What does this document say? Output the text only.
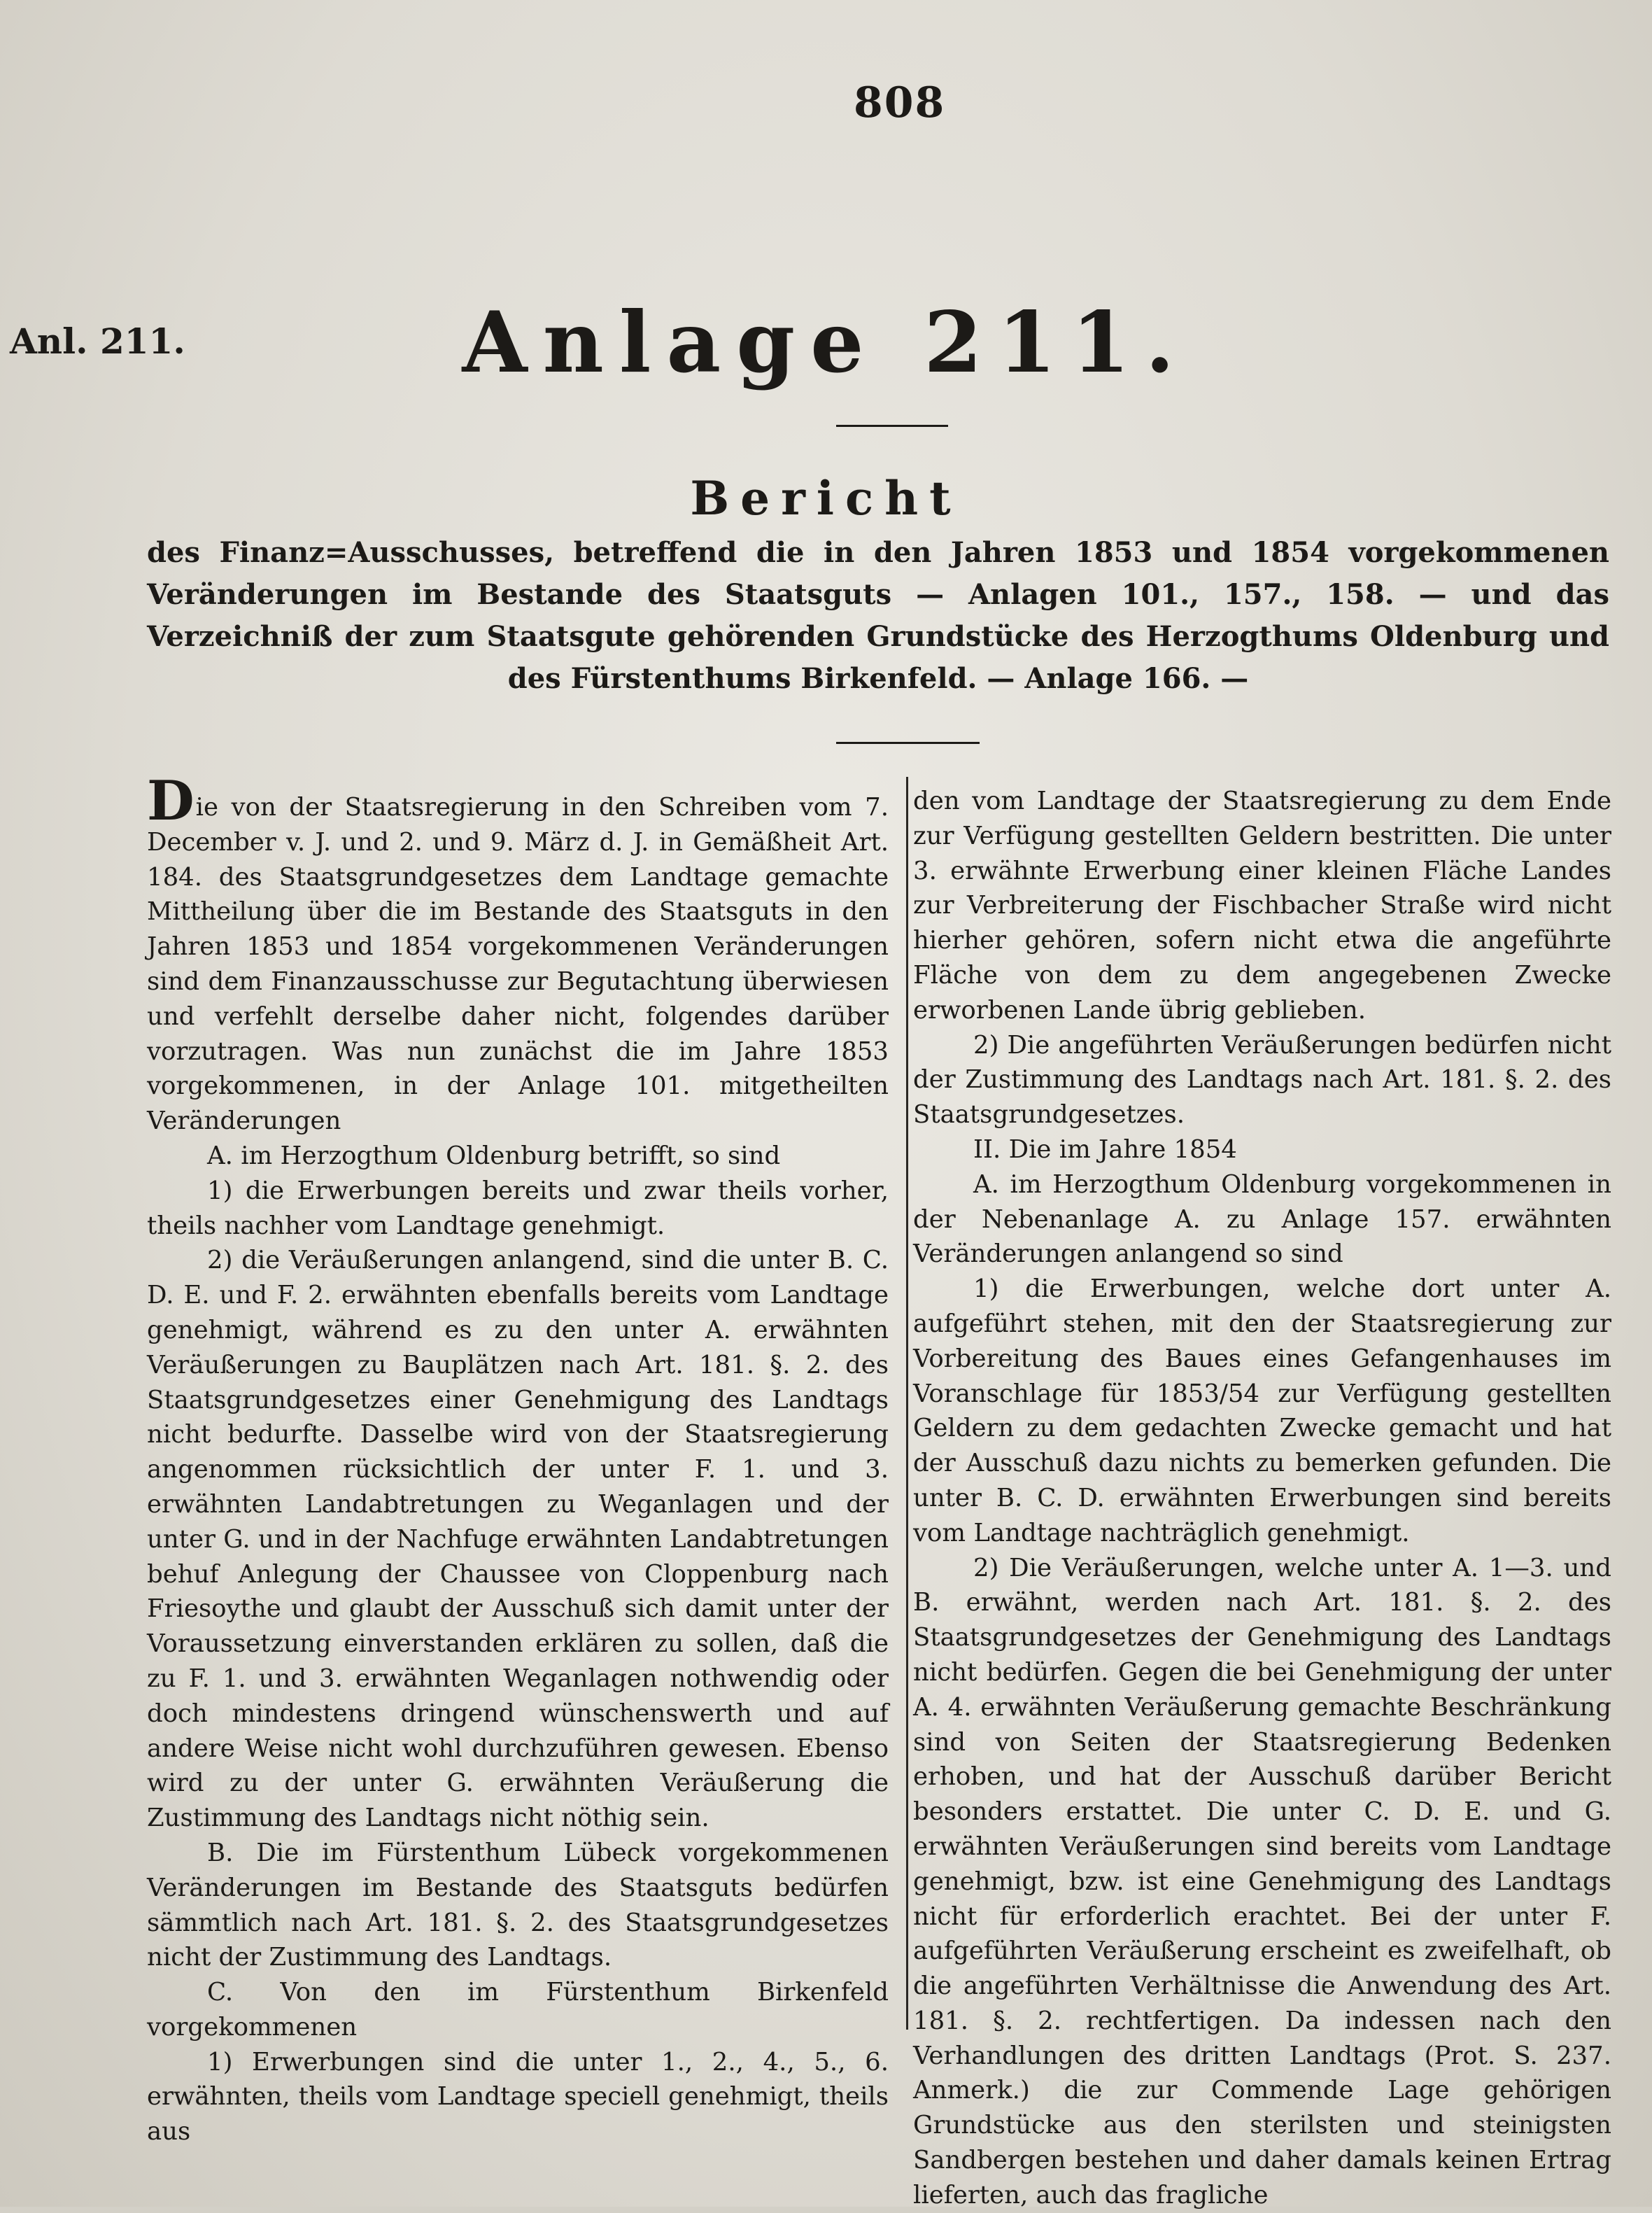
808
Anl. 211.	Anlage 211.
Bericht
des Finanz=Ausschusses, betreffend die in den Jahren 1853 und 1854 vorgekommenen Veränderungen im Bestande des Staatsguts — Anlagen 101., 157., 158. — und das Verzeichniß der zum Staatsgute gehörenden Grundstücke des Herzogthums Oldenburg und des Fürstenthums Birkenfeld. — Anlage 166. —

Die von der Staatsregierung in den Schreiben vom 7. December v. J. und 2. und 9. März d. J. in Gemäßheit Art. 184. des Staatsgrundgesetzes dem Landtage gemachte Mittheilung über die im Bestande des Staatsguts in den Jahren 1853 und 1854 vorgekommenen Veränderungen sind dem Finanzausschusse zur Begutachtung überwiesen und verfehlt derselbe daher nicht, folgendes darüber vorzutragen. Was nun zunächst die im Jahre 1853 vorgekommenen, in der Anlage 101. mitgetheilten Veränderungen

A. im Herzogthum Oldenburg betrifft, so sind

1) die Erwerbungen bereits und zwar theils vorher, theils nachher vom Landtage genehmigt.

2) die Veräußerungen anlangend, sind die unter B. C. D. E. und F. 2. erwähnten ebenfalls bereits vom Landtage genehmigt, während es zu den unter A. erwähnten Veräußerungen zu Bauplätzen nach Art. 181. §. 2. des Staatsgrundgesetzes einer Genehmigung des Landtags nicht bedurfte. Dasselbe wird von der Staatsregierung angenommen rücksichtlich der unter F. 1. und 3. erwähnten Landabtretungen zu Weganlagen und der unter G. und in der Nachfuge erwähnten Landabtretungen behuf Anlegung der Chaussee von Cloppenburg nach Friesoythe und glaubt der Ausschuß sich damit unter der Voraussetzung einverstanden erklären zu sollen, daß die zu F. 1. und 3. erwähnten Weganlagen nothwendig oder doch mindestens dringend wünschenswerth und auf andere Weise nicht wohl durchzuführen gewesen. Ebenso wird zu der unter G. erwähnten Veräußerung die Zustimmung des Landtags nicht nöthig sein.

B. Die im Fürstenthum Lübeck vorgekommenen Veränderungen im Bestande des Staatsguts bedürfen sämmtlich nach Art. 181. §. 2. des Staatsgrundgesetzes nicht der Zustimmung des Landtags.

C. Von den im Fürstenthum Birkenfeld vorgekommenen

1) Erwerbungen sind die unter 1., 2., 4., 5., 6. erwähnten, theils vom Landtage speciell genehmigt, theils aus

den vom Landtage der Staatsregierung zu dem Ende zur Verfügung gestellten Geldern bestritten. Die unter 3. erwähnte Erwerbung einer kleinen Fläche Landes zur Verbreiterung der Fischbacher Straße wird nicht hierher gehören, sofern nicht etwa die angeführte Fläche von dem zu dem angegebenen Zwecke erworbenen Lande übrig geblieben.

2) Die angeführten Veräußerungen bedürfen nicht der Zustimmung des Landtags nach Art. 181. §. 2. des Staatsgrundgesetzes.

II. Die im Jahre 1854

A. im Herzogthum Oldenburg vorgekommenen in der Nebenanlage A. zu Anlage 157. erwähnten Veränderungen anlangend so sind

1) die Erwerbungen, welche dort unter A. aufgeführt stehen, mit den der Staatsregierung zur Vorbereitung des Baues eines Gefangenhauses im Voranschlage für 1853/54 zur Verfügung gestellten Geldern zu dem gedachten Zwecke gemacht und hat der Ausschuß dazu nichts zu bemerken gefunden. Die unter B. C. D. erwähnten Erwerbungen sind bereits vom Landtage nachträglich genehmigt.

2) Die Veräußerungen, welche unter A. 1—3. und B. erwähnt, werden nach Art. 181. §. 2. des Staatsgrundgesetzes der Genehmigung des Landtags nicht bedürfen. Gegen die bei Genehmigung der unter A. 4. erwähnten Veräußerung gemachte Beschränkung sind von Seiten der Staatsregierung Bedenken erhoben, und hat der Ausschuß darüber Bericht besonders erstattet. Die unter C. D. E. und G. erwähnten Veräußerungen sind bereits vom Landtage genehmigt, bzw. ist eine Genehmigung des Landtags nicht für erforderlich erachtet. Bei der unter F. aufgeführten Veräußerung erscheint es zweifelhaft, ob die angeführten Verhältnisse die Anwendung des Art. 181. §. 2. rechtfertigen. Da indessen nach den Verhandlungen des dritten Landtags (Prot. S. 237. Anmerk.) die zur Commende Lage gehörigen Grundstücke aus den sterilsten und steinigsten Sandbergen bestehen und daher damals keinen Ertrag lieferten, auch das fragliche
